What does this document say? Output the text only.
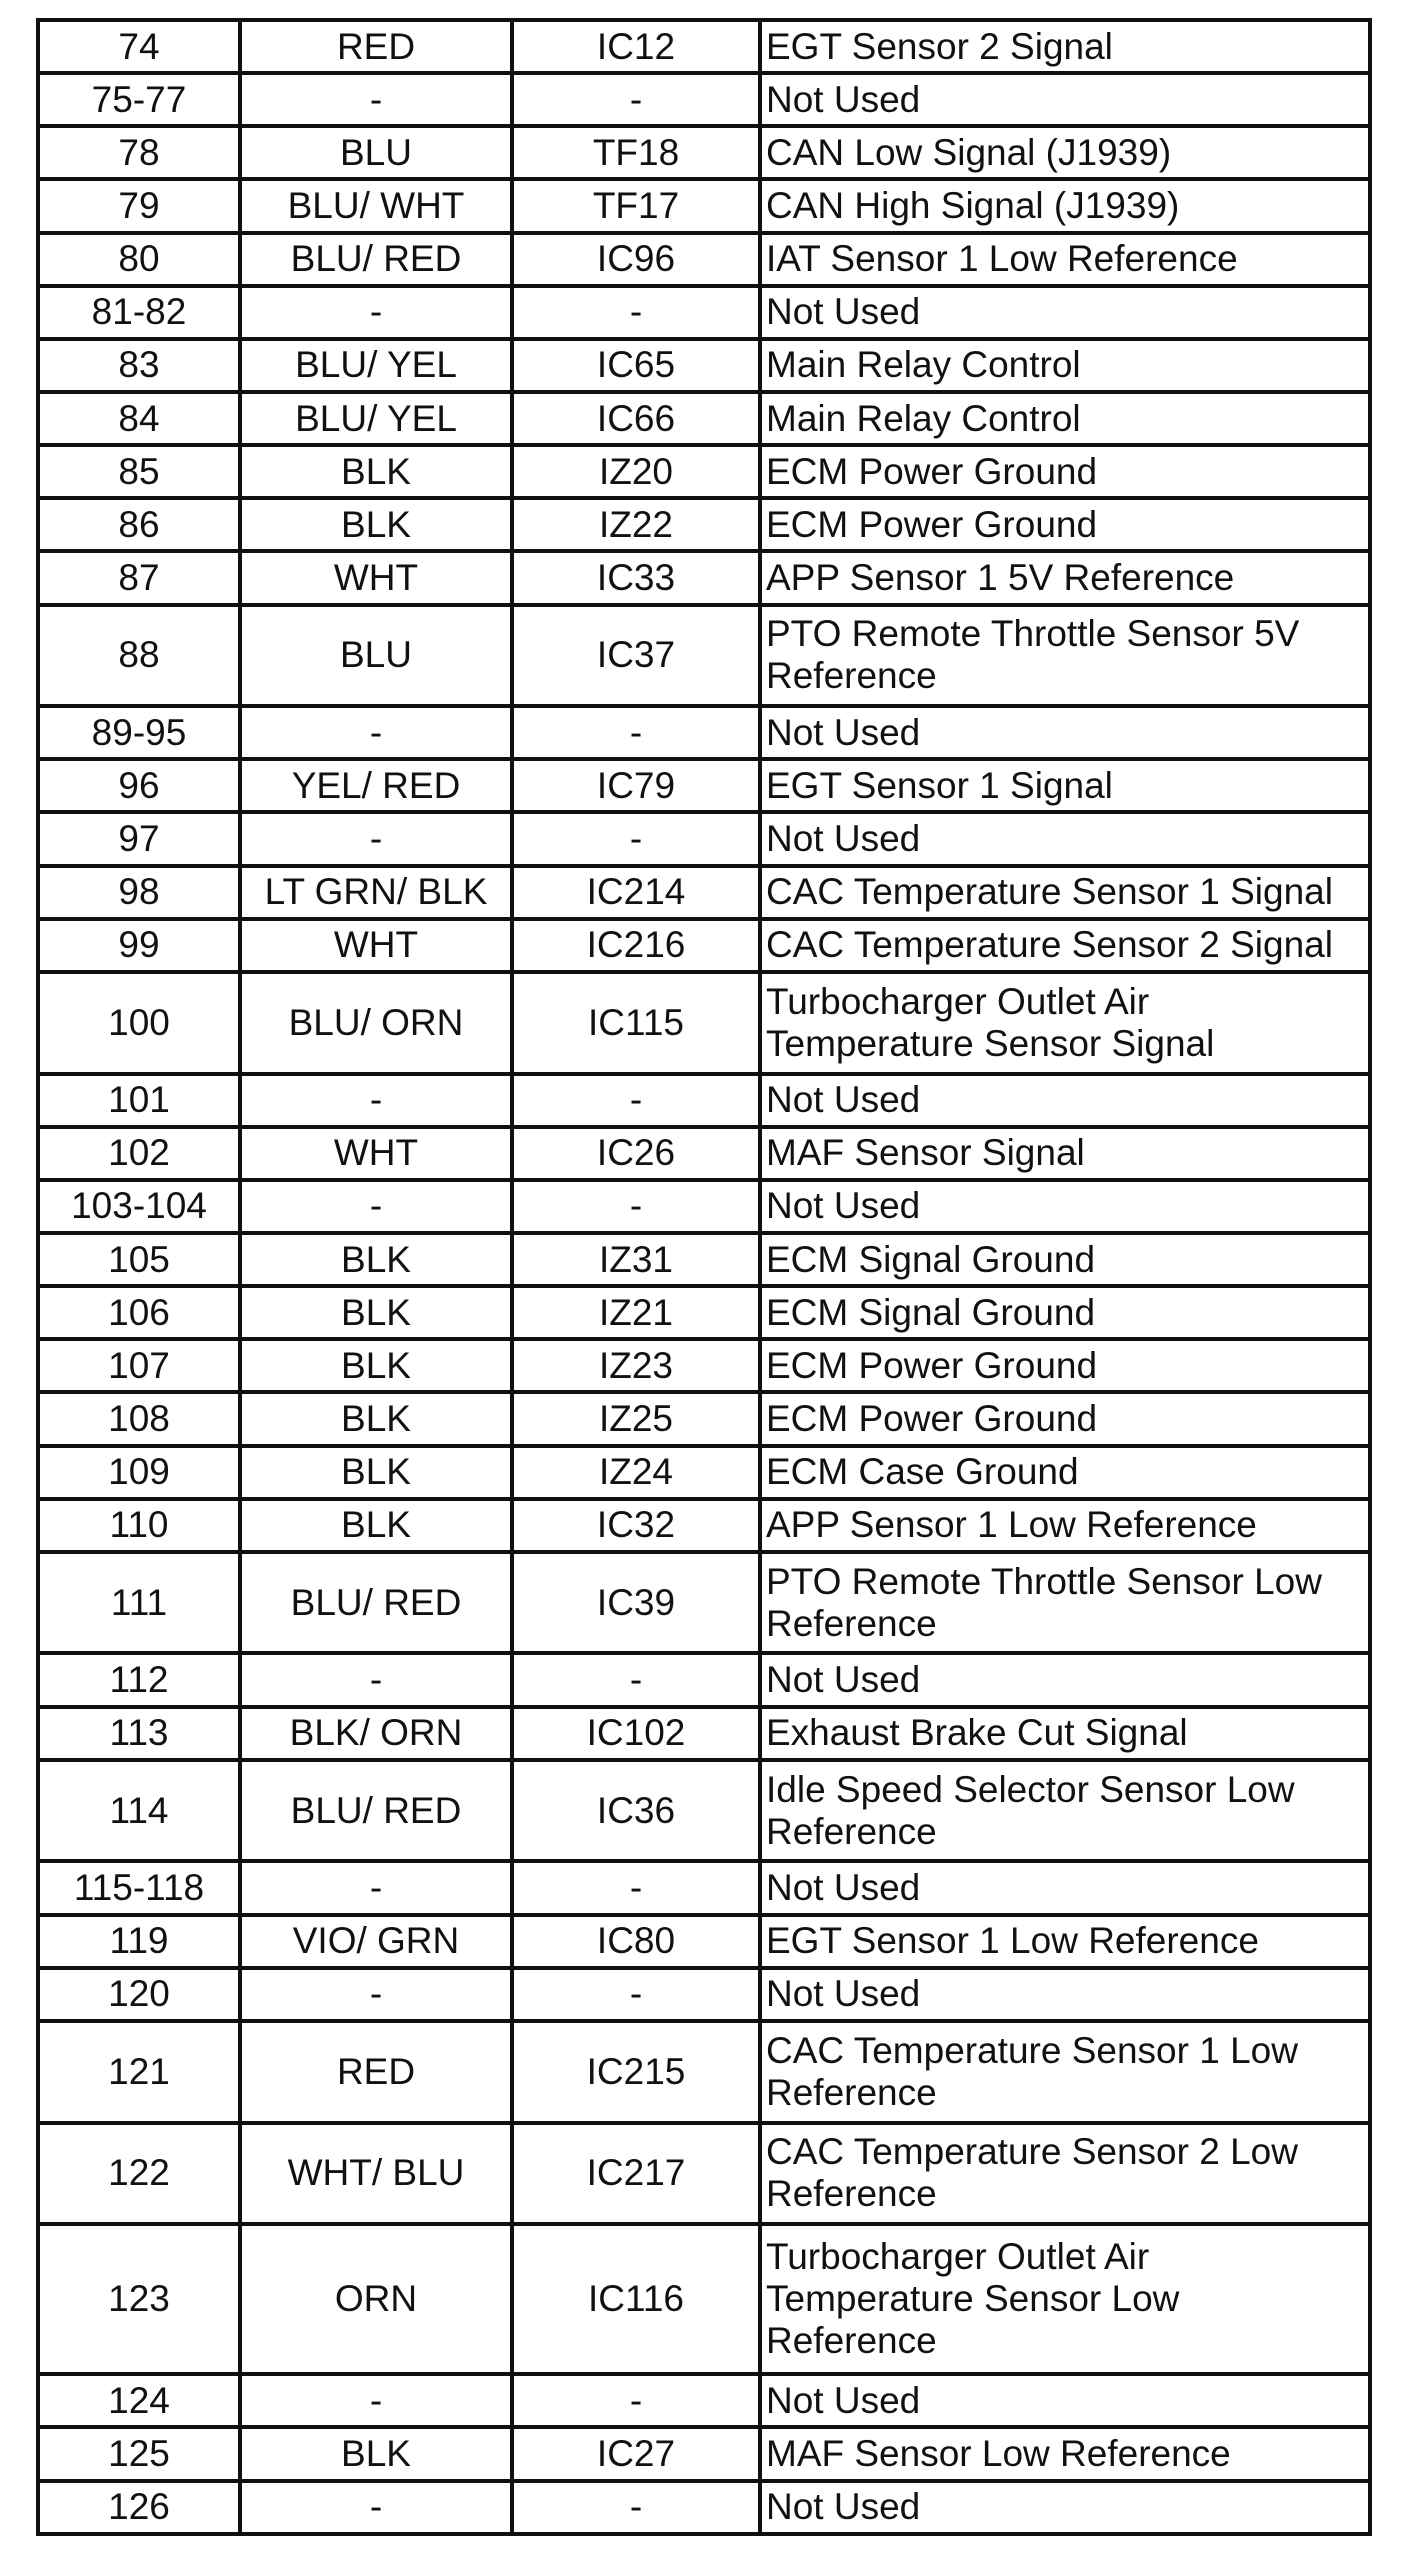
74	RED	IC12	EGT Sensor 2 Signal
75-77	-	-	Not Used
78	BLU	TF18	CAN Low Signal (J1939)
79	BLU/ WHT	TF17	CAN High Signal (J1939)
80	BLU/ RED	IC96	IAT Sensor 1 Low Reference
81-82	-	-	Not Used
83	BLU/ YEL	IC65	Main Relay Control
84	BLU/ YEL	IC66	Main Relay Control
85	BLK	IZ20	ECM Power Ground
86	BLK	IZ22	ECM Power Ground
87	WHT	IC33	APP Sensor 1 5V Reference
88	BLU	IC37	PTO Remote Throttle Sensor 5V Reference
89-95	-	-	Not Used
96	YEL/ RED	IC79	EGT Sensor 1 Signal
97	-	-	Not Used
98	LT GRN/ BLK	IC214	CAC Temperature Sensor 1 Signal
99	WHT	IC216	CAC Temperature Sensor 2 Signal
100	BLU/ ORN	IC115	Turbocharger Outlet Air Temperature Sensor Signal
101	-	-	Not Used
102	WHT	IC26	MAF Sensor Signal
103-104	-	-	Not Used
105	BLK	IZ31	ECM Signal Ground
106	BLK	IZ21	ECM Signal Ground
107	BLK	IZ23	ECM Power Ground
108	BLK	IZ25	ECM Power Ground
109	BLK	IZ24	ECM Case Ground
110	BLK	IC32	APP Sensor 1 Low Reference
111	BLU/ RED	IC39	PTO Remote Throttle Sensor Low Reference
112	-	-	Not Used
113	BLK/ ORN	IC102	Exhaust Brake Cut Signal
114	BLU/ RED	IC36	Idle Speed Selector Sensor Low Reference
115-118	-	-	Not Used
119	VIO/ GRN	IC80	EGT Sensor 1 Low Reference
120	-	-	Not Used
121	RED	IC215	CAC Temperature Sensor 1 Low Reference
122	WHT/ BLU	IC217	CAC Temperature Sensor 2 Low Reference
123	ORN	IC116	Turbocharger Outlet Air Temperature Sensor Low Reference
124	-	-	Not Used
125	BLK	IC27	MAF Sensor Low Reference
126	-	-	Not Used
